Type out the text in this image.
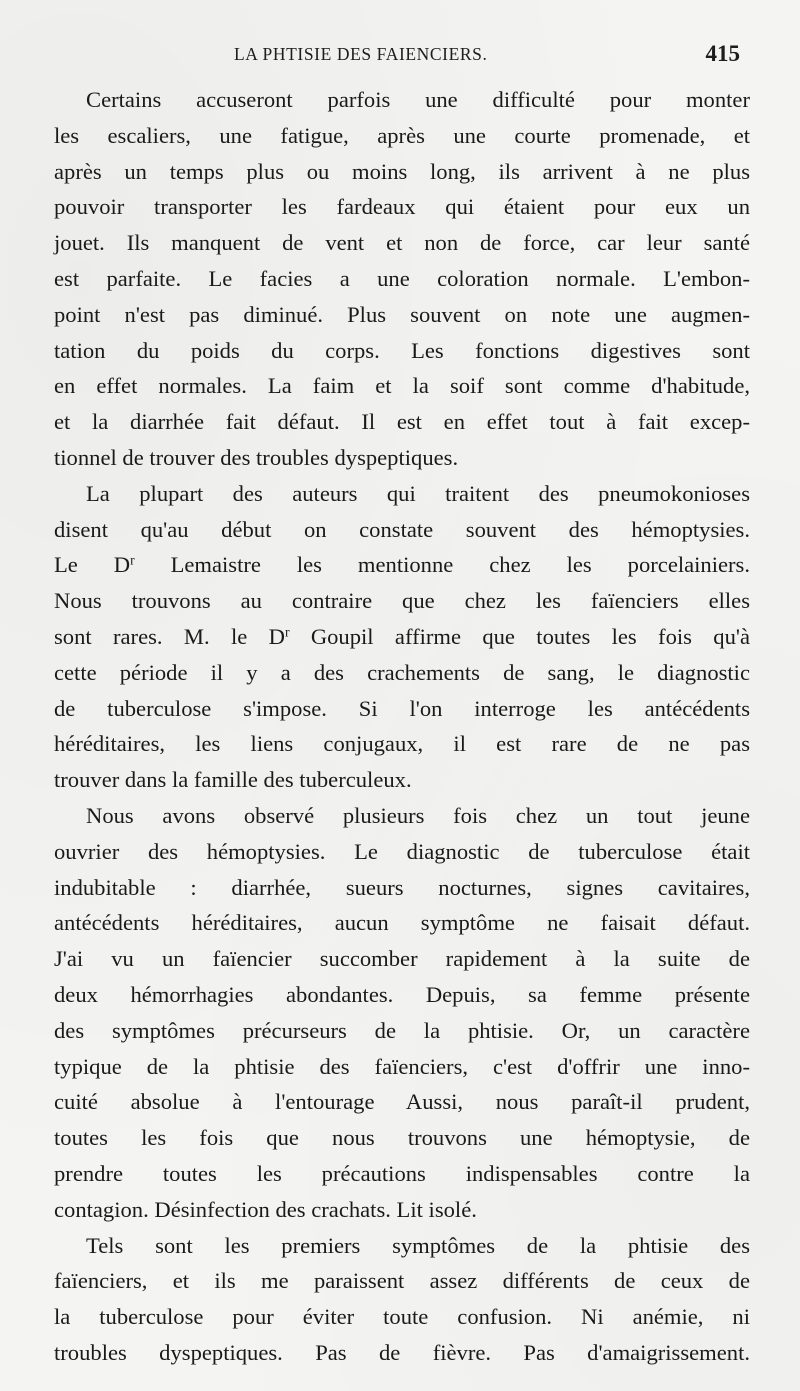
LA PHTISIE DES FAIENCIERS.	415
Certains accuseront parfois une difficulté pour monter
les escaliers, une fatigue, après une courte promenade, et
après un temps plus ou moins long, ils arrivent à ne plus
pouvoir transporter les fardeaux qui étaient pour eux un
jouet. Ils manquent de vent et non de force, car leur santé
est parfaite. Le facies a une coloration normale. L'embon-
point n'est pas diminué. Plus souvent on note une augmen-
tation du poids du corps. Les fonctions digestives sont
en effet normales. La faim et la soif sont comme d'habitude,
et la diarrhée fait défaut. Il est en effet tout à fait excep-
tionnel de trouver des troubles dyspeptiques.
La plupart des auteurs qui traitent des pneumokonioses
disent qu'au début on constate souvent des hémoptysies.
Le $D^r$ Lemaistre les mentionne chez les porcelainiers.
Nous trouvons au contraire que chez les faïenciers elles
sont rares. M. le $D^r$ Goupil affirme que toutes les fois qu'à
cette période il y a des crachements de sang, le diagnostic
de tuberculose s'impose. Si l'on interroge les antécédents
héréditaires, les liens conjugaux, il est rare de ne pas
trouver dans la famille des tuberculeux.
Nous avons observé plusieurs fois chez un tout jeune
ouvrier des hémoptysies. Le diagnostic de tuberculose était
indubitable : diarrhée, sueurs nocturnes, signes cavitaires,
antécédents héréditaires, aucun symptôme ne faisait défaut.
J'ai vu un faïencier succomber rapidement à la suite de
deux hémorrhagies abondantes. Depuis, sa femme présente
des symptômes précurseurs de la phtisie. Or, un caractère
typique de la phtisie des faïenciers, c'est d'offrir une inno-
cuité absolue à l'entourage Aussi, nous paraît-il prudent,
toutes les fois que nous trouvons une hémoptysie, de
prendre toutes les précautions indispensables contre la
contagion. Désinfection des crachats. Lit isolé.
Tels sont les premiers symptômes de la phtisie des
faïenciers, et ils me paraissent assez différents de ceux de
la tuberculose pour éviter toute confusion. Ni anémie, ni
troubles dyspeptiques. Pas de fièvre. Pas d'amaigrissement.
